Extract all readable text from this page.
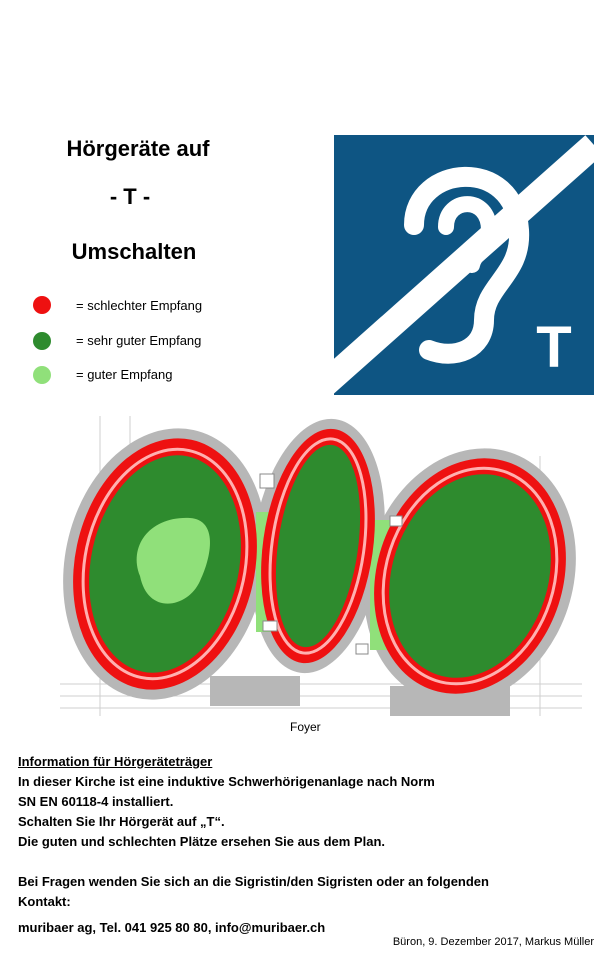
Hörgeräte auf
- T -
Umschalten
= schlechter Empfang
= sehr guter Empfang
= guter Empfang	T
Foyer
Information für Hörgeräteträger
In dieser Kirche ist eine induktive Schwerhörigenanlage nach Norm
SN EN 60118-4 installiert.
Schalten Sie Ihr Hörgerät auf „T“.
Die guten und schlechten Plätze ersehen Sie aus dem Plan.
Bei Fragen wenden Sie sich an die Sigristin/den Sigristen oder an folgenden
Kontakt:
muribaer ag, Tel. 041 925 80 80, info@muribaer.ch
Büron, 9. Dezember 2017, Markus Müller
